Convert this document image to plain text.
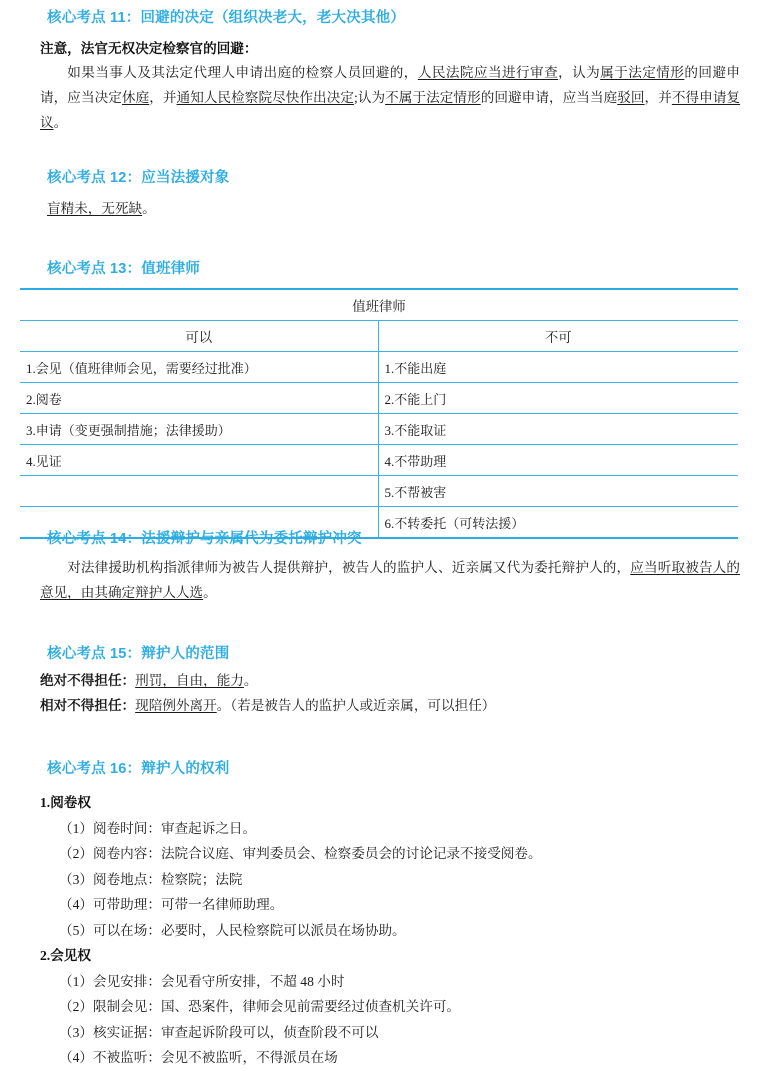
核心考点 11：回避的决定（组织决老大，老大决其他）
注意，法官无权决定检察官的回避：

如果当事人及其法定代理人申请出庭的检察人员回避的，人民法院应当进行审查，认为属于法定情形的回避申请，应当决定休庭，并通知人民检察院尽快作出决定;认为不属于法定情形的回避申请，应当当庭驳回，并不得申请复议。

核心考点 12：应当法援对象

盲精未，无死缺。

核心考点 13：值班律师
值班律师	
可以	不可
1.会见（值班律师会见，需要经过批准）	1.不能出庭
2.阅卷	2.不能上门
3.申请（变更强制措施；法律援助）	3.不能取证
4.见证	4.不带助理
	5.不帮被害
	6.不转委托（可转法援）
核心考点 14：法援辩护与亲属代为委托辩护冲突

对法律援助机构指派律师为被告人提供辩护，被告人的监护人、近亲属又代为委托辩护人的，应当听取被告人的意见，由其确定辩护人人选。

核心考点 15：辩护人的范围

绝对不得担任：刑罚，自由，能力。

相对不得担任：现陪例外离开。（若是被告人的监护人或近亲属，可以担任）

核心考点 16：辩护人的权利
1.阅卷权
（1）阅卷时间：审查起诉之日。
（2）阅卷内容：法院合议庭、审判委员会、检察委员会的讨论记录不接受阅卷。
（3）阅卷地点：检察院；法院
（4）可带助理：可带一名律师助理。
（5）可以在场：必要时，人民检察院可以派员在场协助。
2.会见权
（1）会见安排：会见看守所安排，不超 48 小时
（2）限制会见：国、恐案件，律师会见前需要经过侦查机关许可。
（3）核实证据：审查起诉阶段可以，侦查阶段不可以
（4）不被监听：会见不被监听，不得派员在场
